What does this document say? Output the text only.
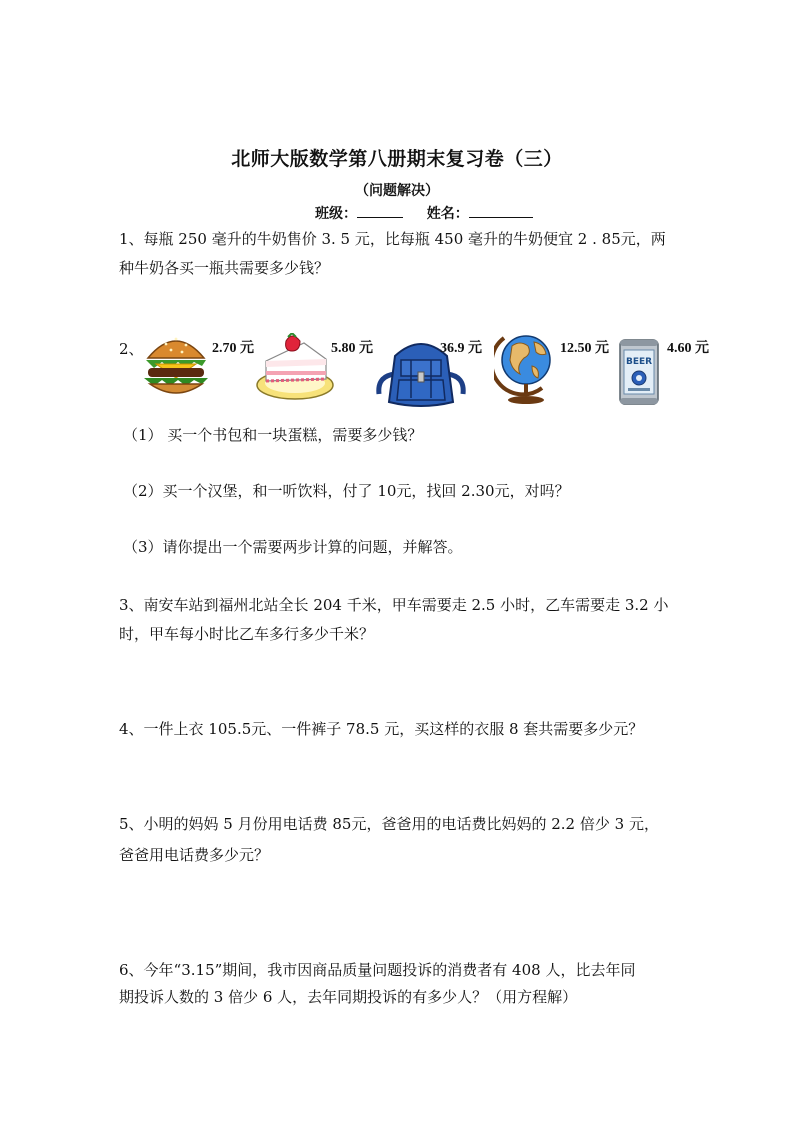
北师大版数学第八册期末复习卷（三）
（问题解决）
班级：	姓名：
1、每瓶 250 毫升的牛奶售价 3. 5 元，比每瓶 450 毫升的牛奶便宜 2 . 85元，两
种牛奶各买一瓶共需要多少钱？
2、	2.70 元	5.80 元	36.9 元	12.50 元
BEER
4.60 元
（1） 买一个书包和一块蛋糕，需要多少钱？
（2）买一个汉堡，和一听饮料，付了 10元，找回 2.30元，对吗？
（3）请你提出一个需要两步计算的问题，并解答。
3、南安车站到福州北站全长 204 千米，甲车需要走 2.5 小时，乙车需要走 3.2 小
时，甲车每小时比乙车多行多少千米？
4、一件上衣 105.5元、一件裤子 78.5 元，买这样的衣服 8 套共需要多少元？
5、小明的妈妈 5 月份用电话费 85元，爸爸用的电话费比妈妈的 2.2 倍少 3 元，
爸爸用电话费多少元？
6、今年“3.15”期间，我市因商品质量问题投诉的消费者有 408 人，比去年同
期投诉人数的 3 倍少 6 人，去年同期投诉的有多少人？（用方程解）
